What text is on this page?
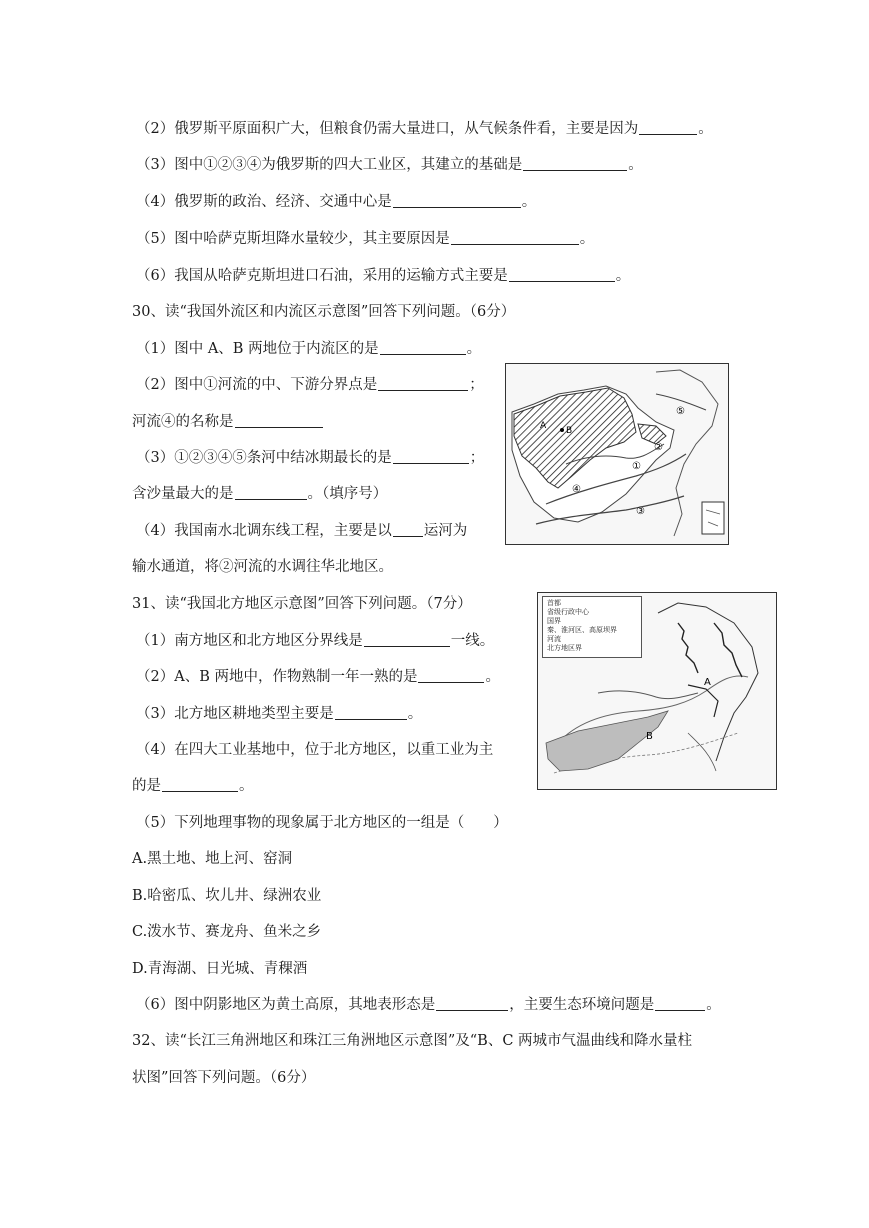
（2）俄罗斯平原面积广大，但粮食仍需大量进口，从气候条件看，主要是因为	。
（3）图中①②③④为俄罗斯的四大工业区，其建立的基础是	。
（4）俄罗斯的政治、经济、交通中心是	。
（5）图中哈萨克斯坦降水量较少，其主要原因是	。
（6）我国从哈萨克斯坦进口石油，采用的运输方式主要是	。
30、读“我国外流区和内流区示意图”回答下列问题。（6分）
（1）图中 A、B 两地位于内流区的是	。
（2）图中①河流的中、下游分界点是	；
河流④的名称是
（3）①②③④⑤条河中结冰期最长的是	；
含沙量最大的是	。（填序号）
（4）我国南水北调东线工程，主要是以 运河为
输水通道，将②河流的水调往华北地区。
A B
①
②
③
④
⑤
31、读“我国北方地区示意图”回答下列问题。（7分）
（1）南方地区和北方地区分界线是	一线。
（2）A、B 两地中，作物熟制一年一熟的是	。
（3）北方地区耕地类型主要是	。
（4）在四大工业基地中，位于北方地区，以重工业为主
的是	。
（5）下列地理事物的现象属于北方地区的一组是（　　）
A.黑土地、地上河、窑洞
B.哈密瓜、坎儿井、绿洲农业
C.泼水节、赛龙舟、鱼米之乡
D.青海湖、日光城、青稞酒
（6）图中阴影地区为黄土高原，其地表形态是	，主要生态环境问题是	。
A
B
首都
省级行政中心
国界
秦、淮河区、高原坝界
河流
北方地区界
32、读“长江三角洲地区和珠江三角洲地区示意图”及“B、C 两城市气温曲线和降水量柱
状图”回答下列问题。（6分）
